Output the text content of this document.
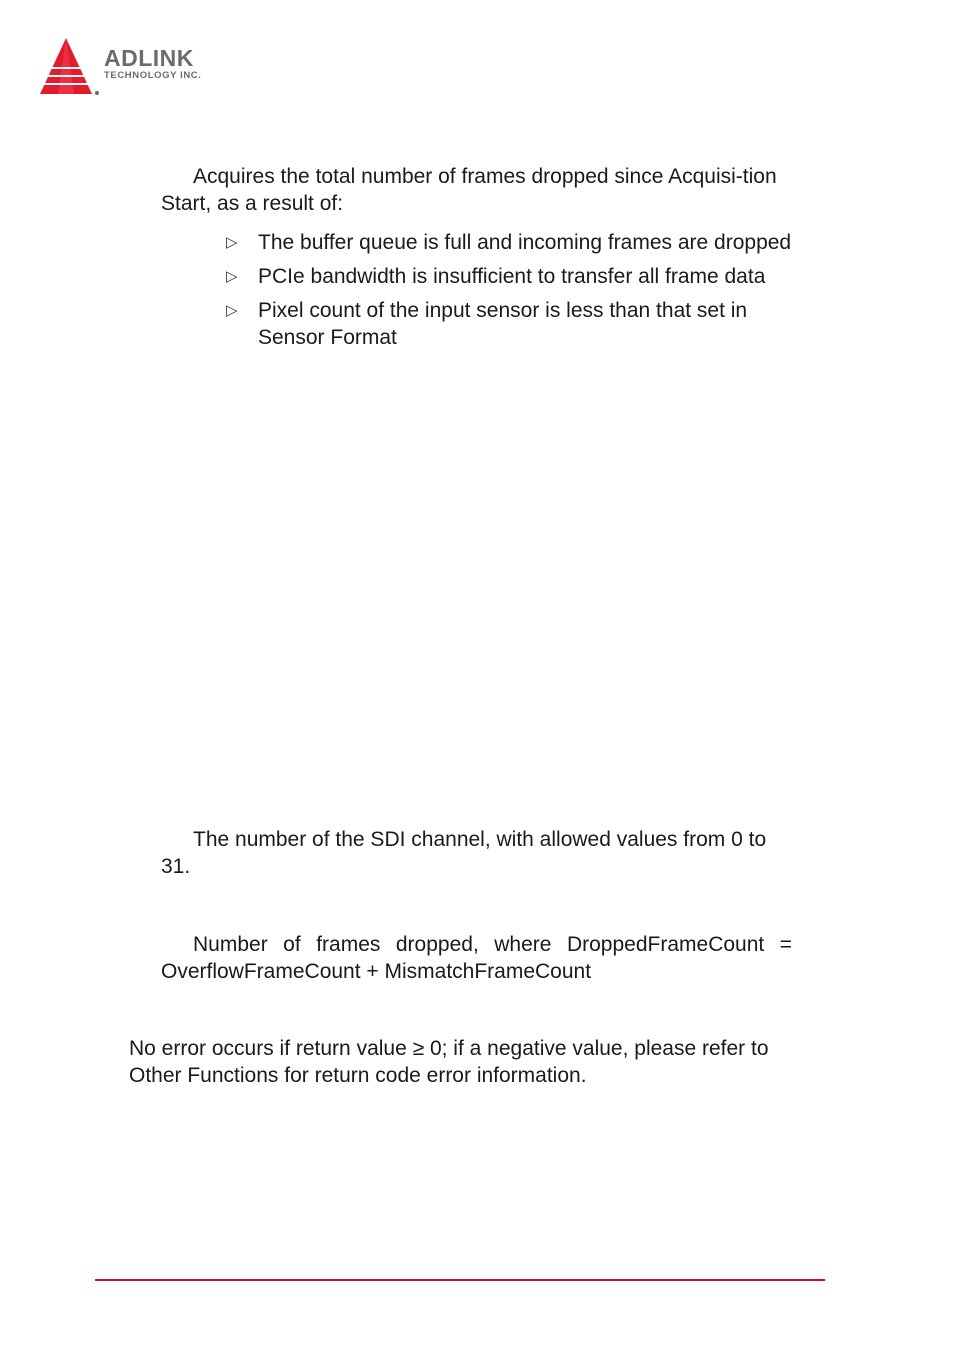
ADLINK
TECHNOLOGY INC.

Acquires the total number of frames dropped since Acquisi-tion Start, as a result of:

▷ The buffer queue is full and incoming frames are dropped
▷ PCIe bandwidth is insufficient to transfer all frame data
▷ Pixel count of the input sensor is less than that set in Sensor Format

The number of the SDI channel, with allowed values from 0 to 31.

Number of frames dropped, where DroppedFrameCount = OverflowFrameCount + MismatchFrameCount

No error occurs if return value ≥ 0; if a negative value, please refer to Other Functions for return code error information.
